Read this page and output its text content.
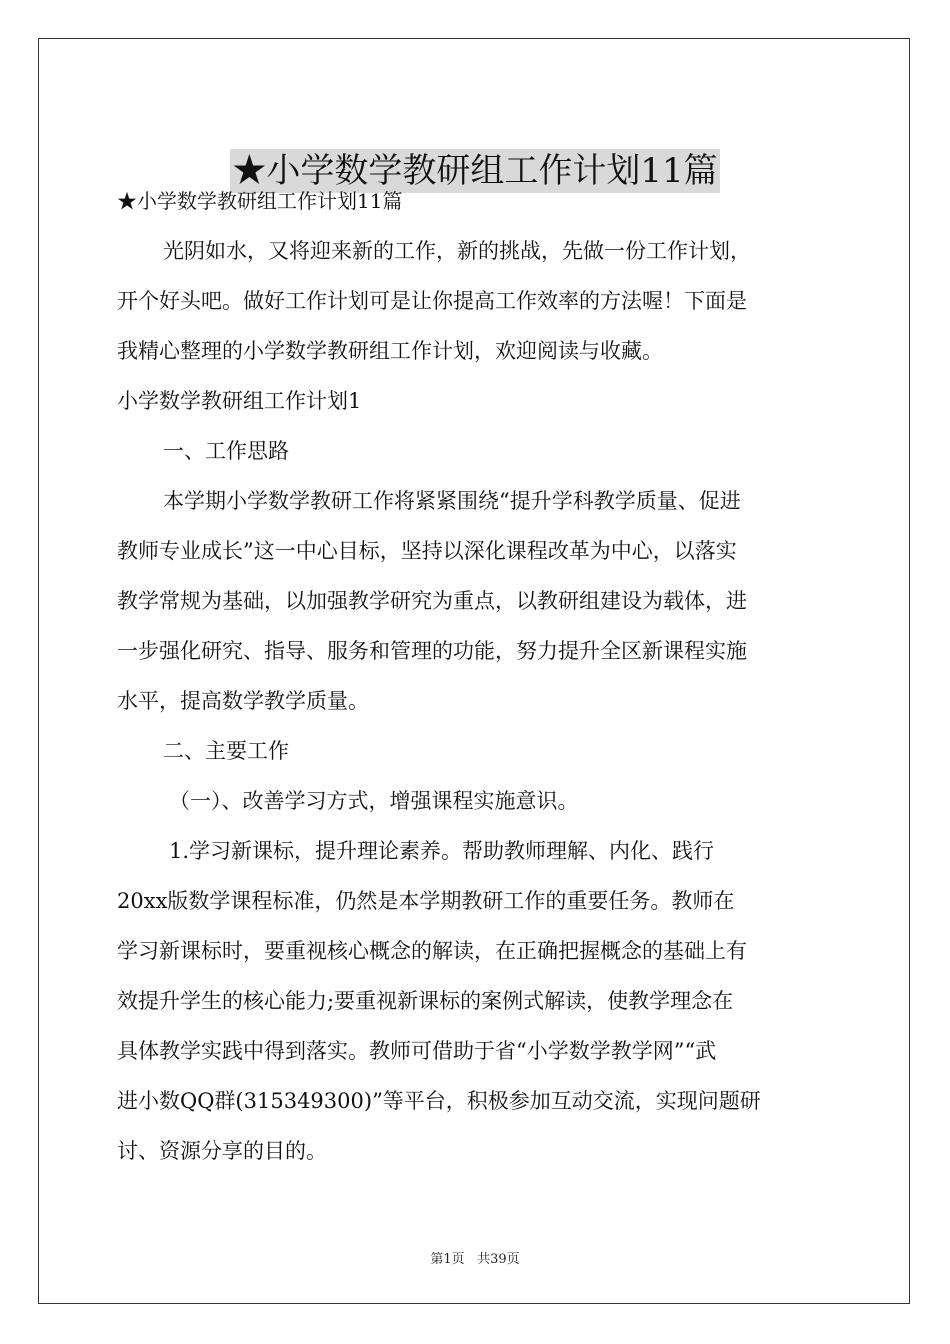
★小学数学教研组工作计划11篇

★小学数学教研组工作计划11篇

光阴如水，又将迎来新的工作，新的挑战，先做一份工作计划，

开个好头吧。做好工作计划可是让你提高工作效率的方法喔！下面是

我精心整理的小学数学教研组工作计划，欢迎阅读与收藏。

小学数学教研组工作计划1

一、工作思路

本学期小学数学教研工作将紧紧围绕“提升学科教学质量、促进

教师专业成长”这一中心目标，坚持以深化课程改革为中心，以落实

教学常规为基础，以加强教学研究为重点，以教研组建设为载体，进

一步强化研究、指导、服务和管理的功能，努力提升全区新课程实施

水平，提高数学教学质量。

二、主要工作

（一）、改善学习方式，增强课程实施意识。

1.学习新课标，提升理论素养。帮助教师理解、内化、践行

20xx版数学课程标准，仍然是本学期教研工作的重要任务。教师在

学习新课标时，要重视核心概念的解读，在正确把握概念的基础上有

效提升学生的核心能力;要重视新课标的案例式解读，使教学理念在

具体教学实践中得到落实。教师可借助于省“小学数学教学网”“武

进小数QQ群(315349300)”等平台，积极参加互动交流，实现问题研

讨、资源分享的目的。

第1页 共39页
